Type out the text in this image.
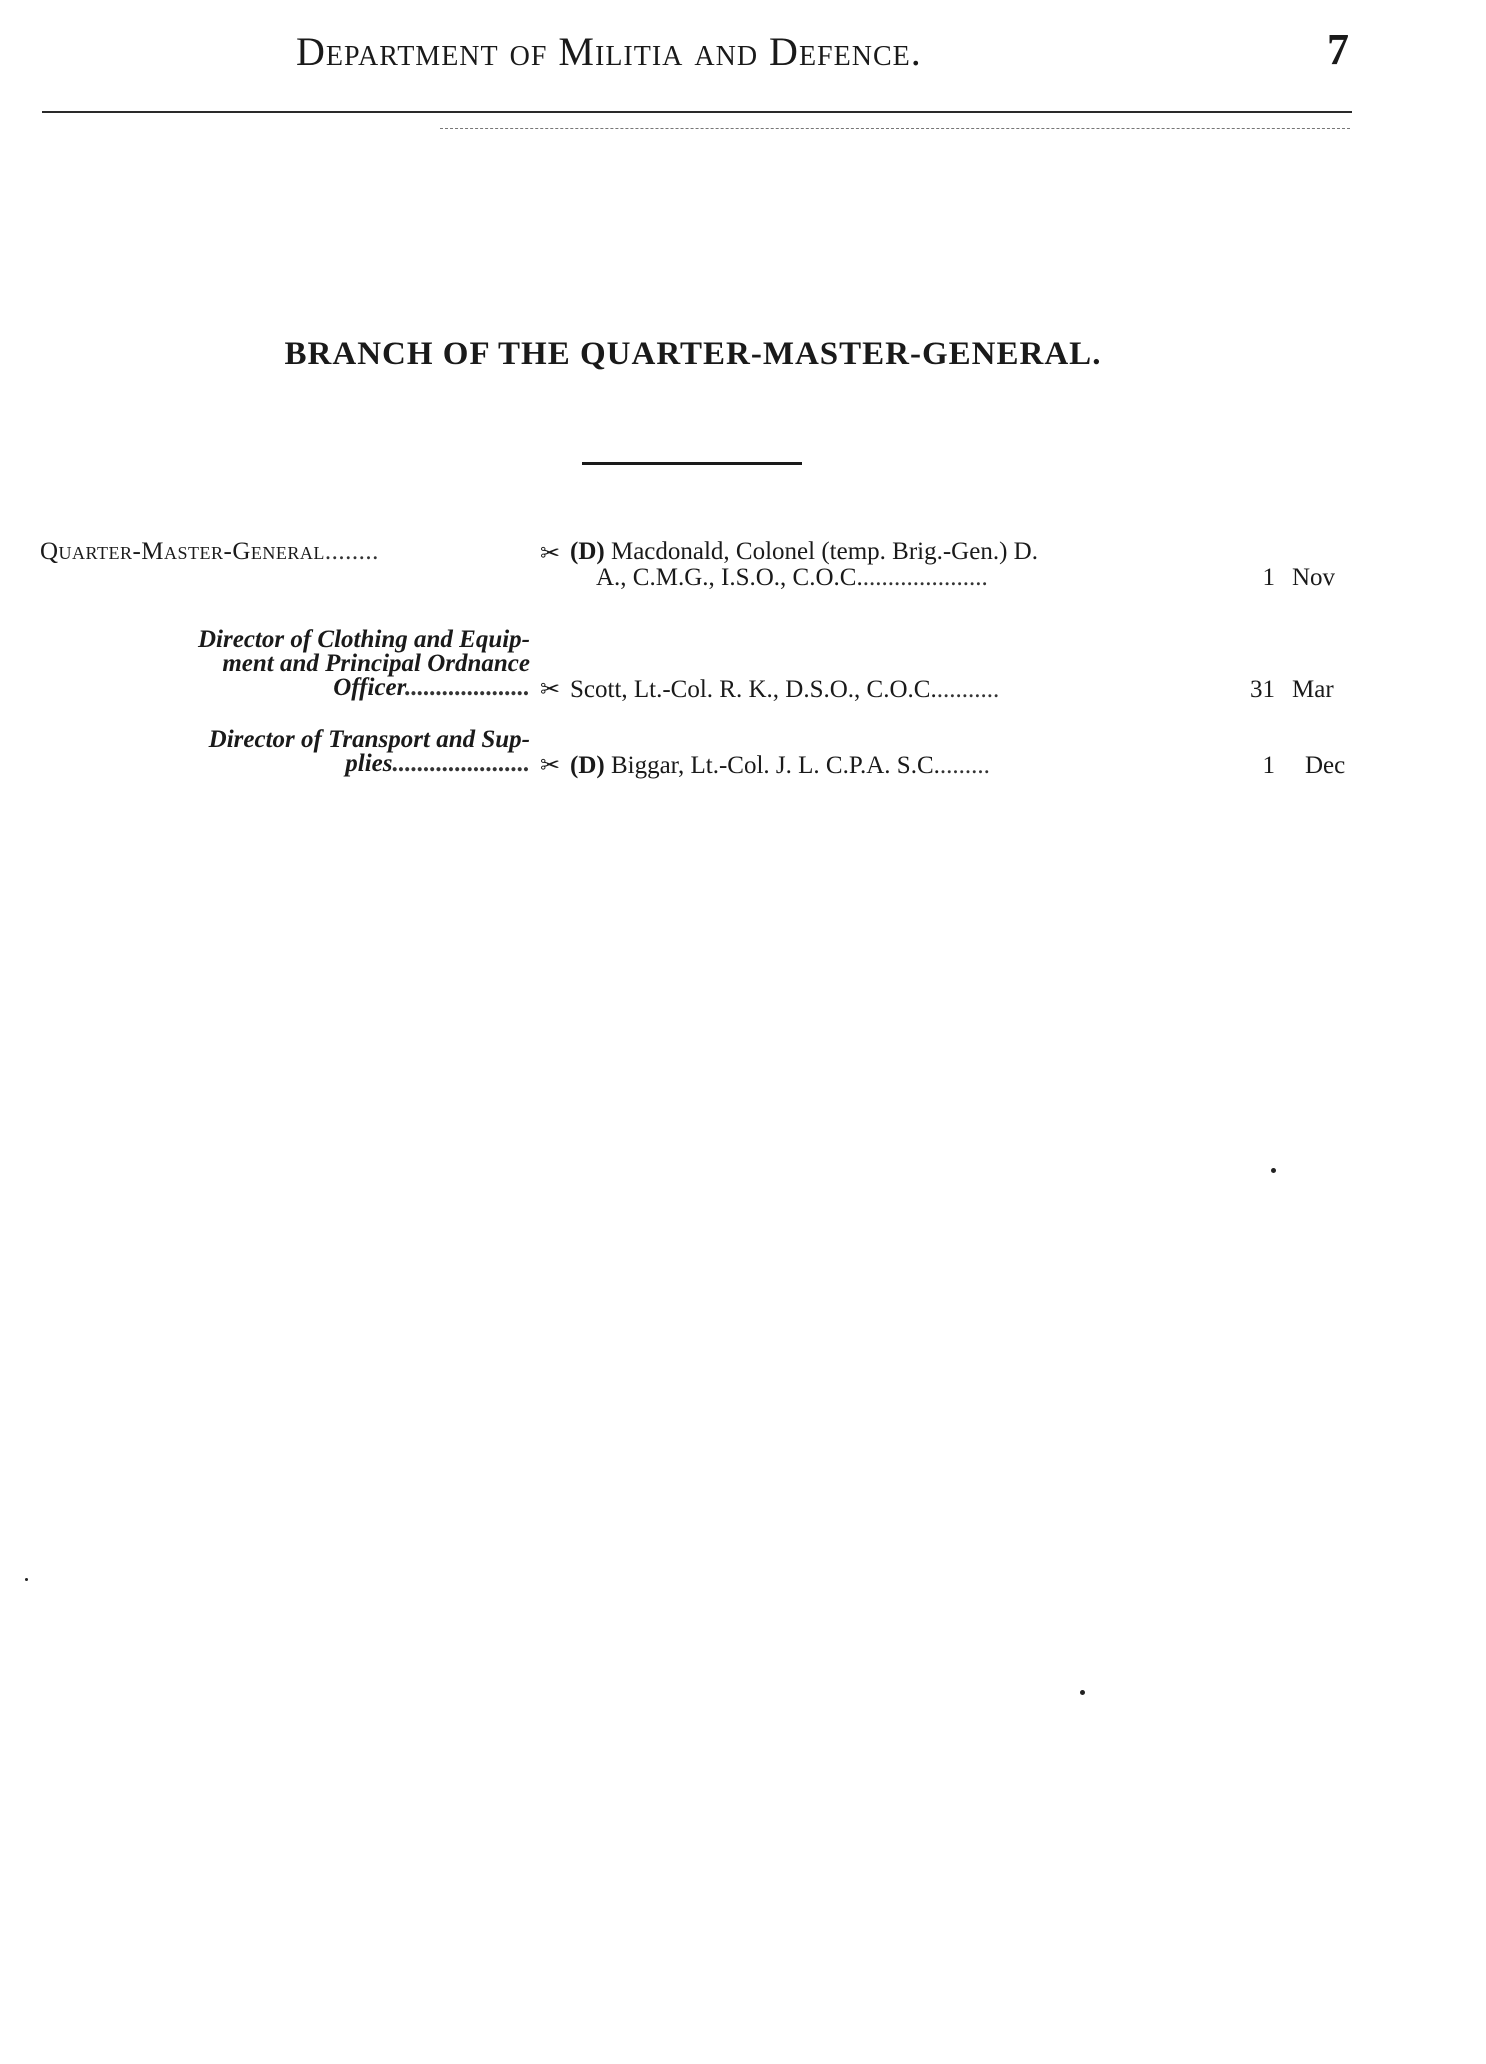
Department of Militia and Defence.	7
BRANCH OF THE QUARTER-MASTER-GENERAL.
Quarter-Master-General........	✂ (D) Macdonald, Colonel (temp. Brig.-Gen.) D.
A., C.M.G., I.S.O., C.O.C.....................	1 Nov
Director of Clothing and Equip-
ment and Principal Ordnance
Officer.................... ✂ Scott, Lt.-Col. R. K., D.S.O., C.O.C...........	31 Mar
Director of Transport and Sup-
plies...................... ✂ (D) Biggar, Lt.-Col. J. L. C.P.A. S.C.........	1 Dec
